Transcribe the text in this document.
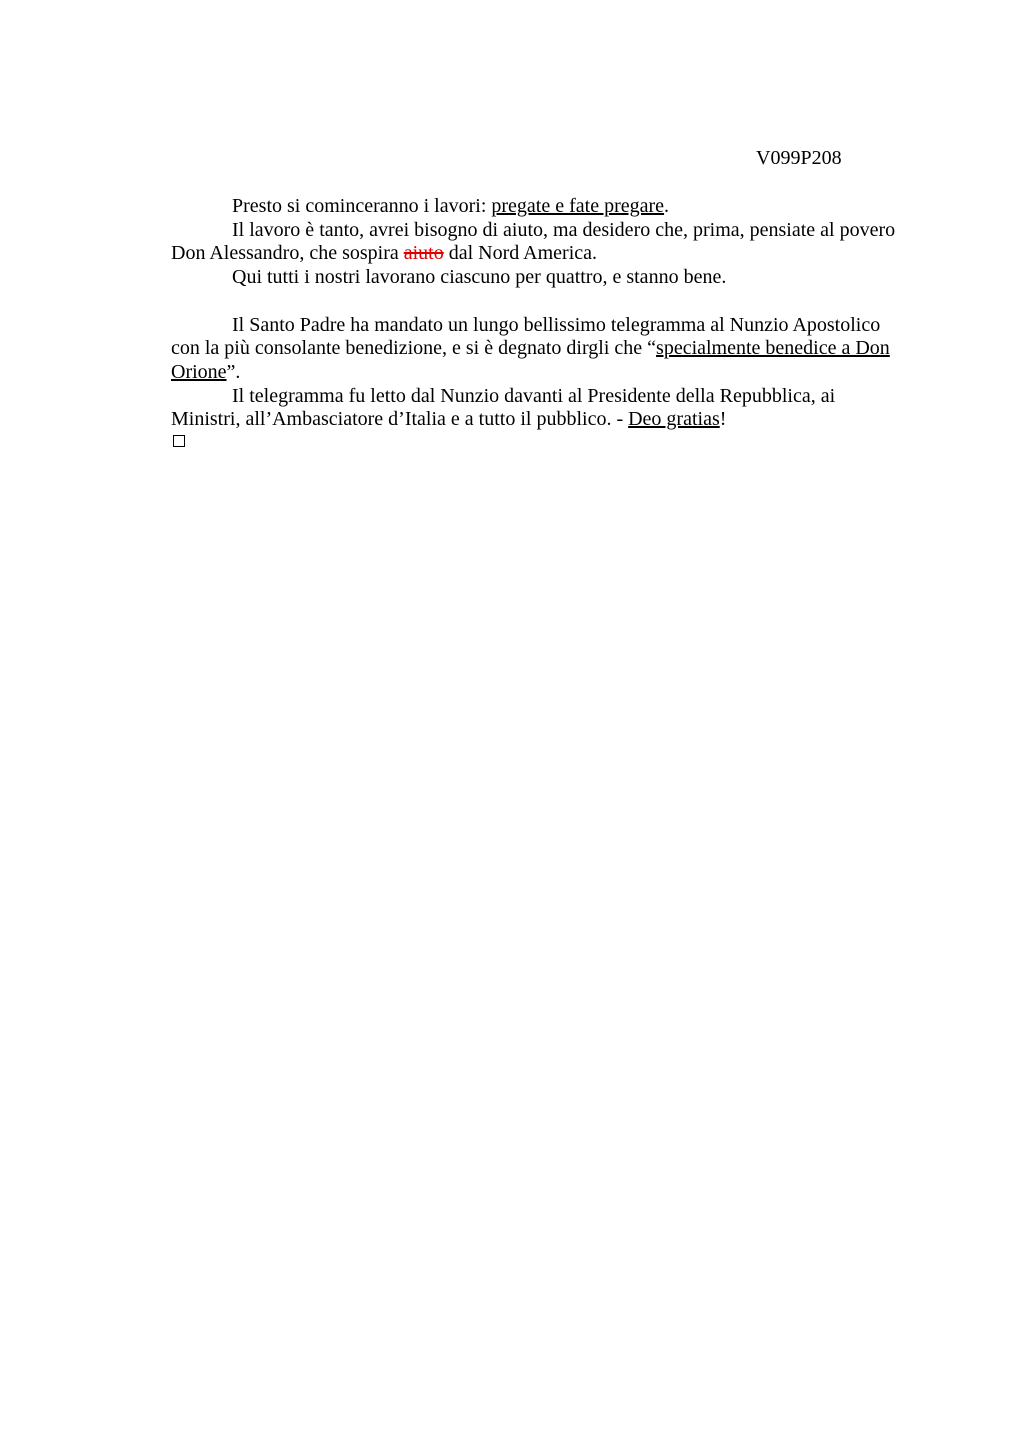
V099P208

Presto si cominceranno i lavori: pregate e fate pregare.

Il lavoro è tanto, avrei bisogno di aiuto, ma desidero che, prima, pensiate al povero
Don Alessandro, che sospira aiuto dal Nord America.

Qui tutti i nostri lavorano ciascuno per quattro, e stanno bene.

Il Santo Padre ha mandato un lungo bellissimo telegramma al Nunzio Apostolico
con la più consolante benedizione, e si è degnato dirgli che “specialmente benedice a Don
Orione”.

Il telegramma fu letto dal Nunzio davanti al Presidente della Repubblica, ai
Ministri, all’Ambasciatore d’Italia e a tutto il pubblico. - Deo gratias!
